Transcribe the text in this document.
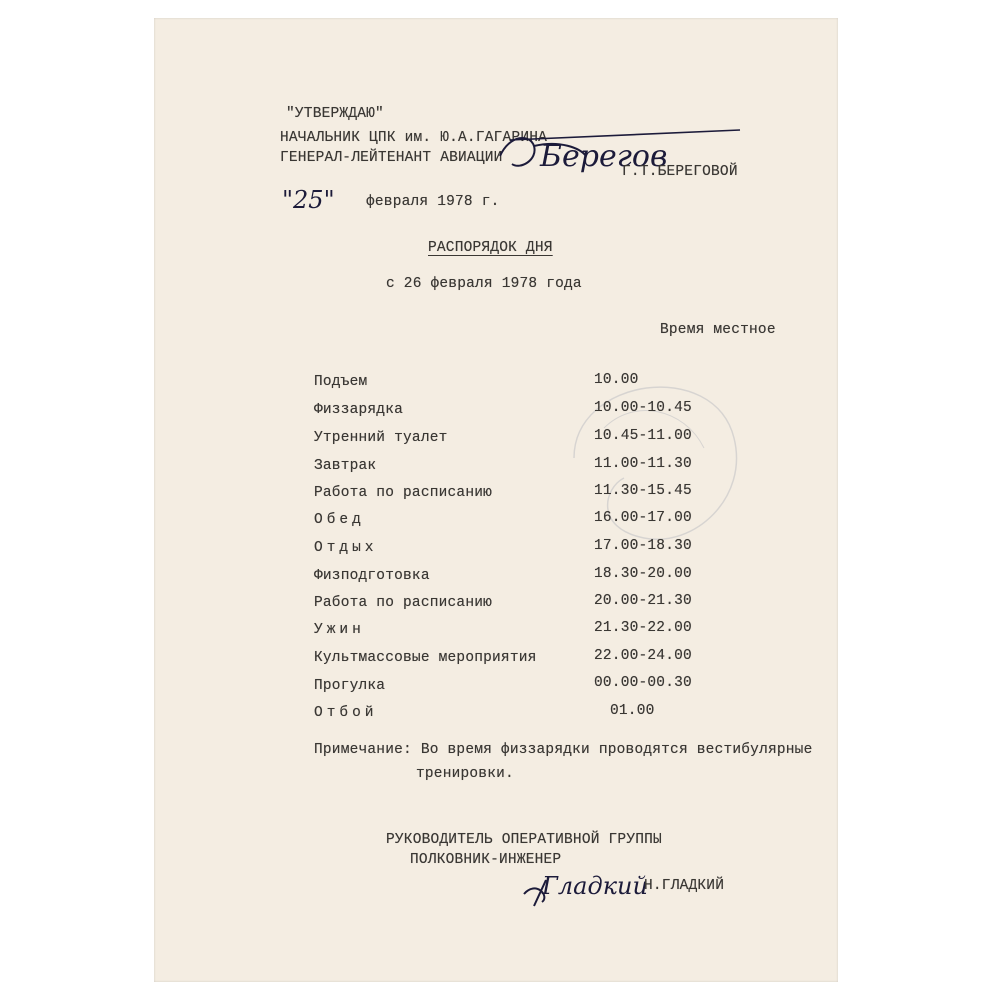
"УТВЕРЖДАЮ"
НАЧАЛЬНИК ЦПК им. Ю.А.ГАГАРИНА
ГЕНЕРАЛ-ЛЕЙТЕНАНТ АВИАЦИИ Берегов
Г.Т.БЕРЕГОВОЙ
"25" февраля 1978 г.
РАСПОРЯДОК ДНЯ
с 26 февраля 1978 года
Время местное
Подъем	10.00
Физзарядка	10.00-10.45
Утренний туалет	10.45-11.00
Завтрак	11.00-11.30
Работа по расписанию	11.30-15.45
Обед	16.00-17.00
Отдых	17.00-18.30
Физподготовка	18.30-20.00
Работа по расписанию	20.00-21.30
Ужин	21.30-22.00
Культмассовые мероприятия	22.00-24.00
Прогулка	00.00-00.30
Отбой	01.00
Примечание: Во время физзарядки проводятся вестибулярные
тренировки.
РУКОВОДИТЕЛЬ ОПЕРАТИВНОЙ ГРУППЫ
ПОЛКОВНИК-ИНЖЕНЕР
Гладкий
Н.ГЛАДКИЙ
